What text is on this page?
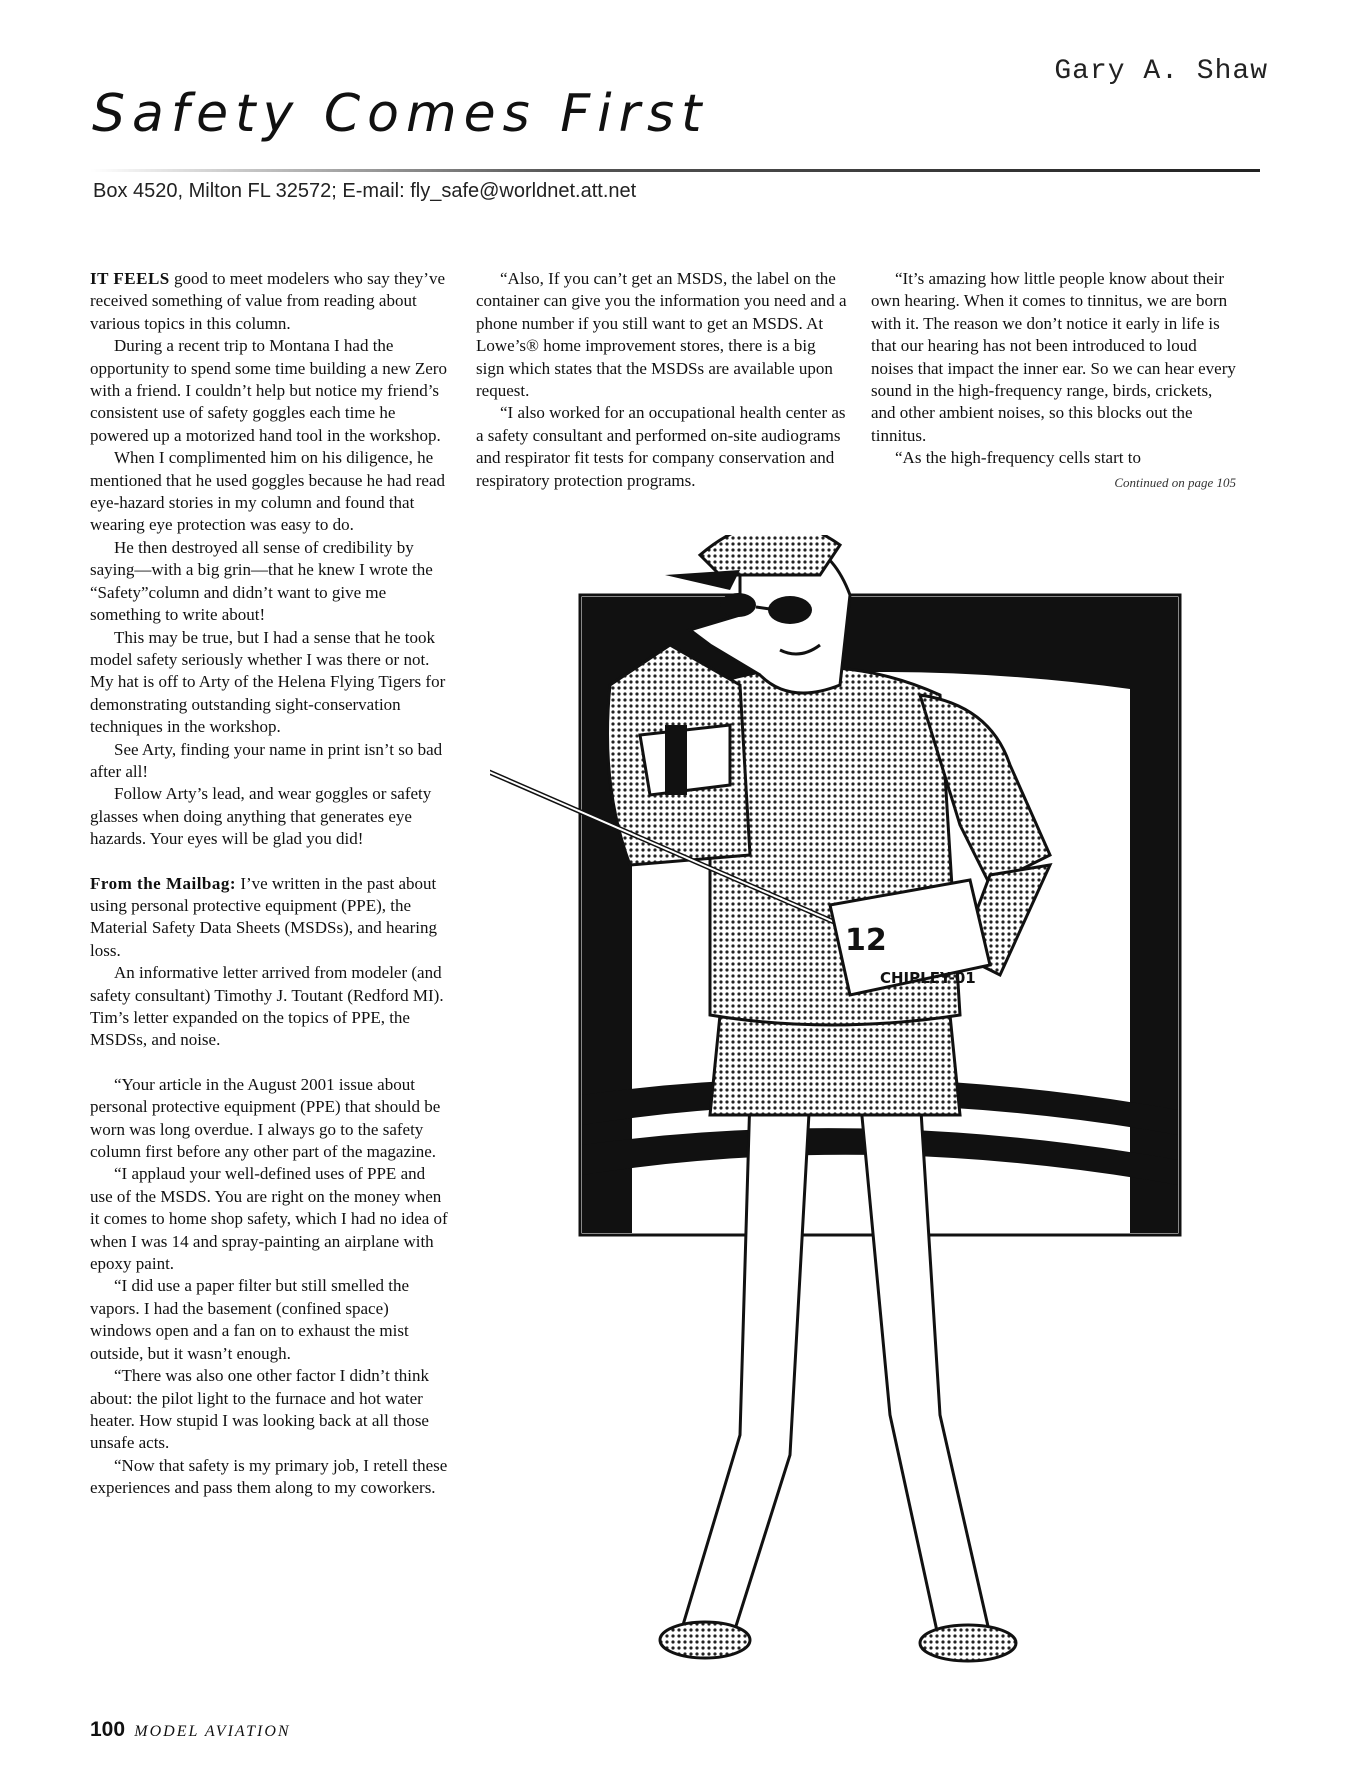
Gary A. Shaw
Safety Comes First
Box 4520, Milton FL 32572; E-mail: fly_safe@worldnet.att.net

IT FEELS good to meet modelers who say they’ve received something of value from reading about various topics in this column.

During a recent trip to Montana I had the opportunity to spend some time building a new Zero with a friend. I couldn’t help but notice my friend’s consistent use of safety goggles each time he powered up a motorized hand tool in the workshop.

When I complimented him on his diligence, he mentioned that he used goggles because he had read eye-hazard stories in my column and found that wearing eye protection was easy to do.

He then destroyed all sense of credibility by saying—with a big grin—that he knew I wrote the “Safety”column and didn’t want to give me something to write about!

This may be true, but I had a sense that he took model safety seriously whether I was there or not. My hat is off to Arty of the Helena Flying Tigers for demonstrating outstanding sight-conservation techniques in the workshop.

See Arty, finding your name in print isn’t so bad after all!

Follow Arty’s lead, and wear goggles or safety glasses when doing anything that generates eye hazards. Your eyes will be glad you did!

From the Mailbag: I’ve written in the past about using personal protective equipment (PPE), the Material Safety Data Sheets (MSDSs), and hearing loss.

An informative letter arrived from modeler (and safety consultant) Timothy J. Toutant (Redford MI). Tim’s letter expanded on the topics of PPE, the MSDSs, and noise.

“Your article in the August 2001 issue about personal protective equipment (PPE) that should be worn was long overdue. I always go to the safety column first before any other part of the magazine.

“I applaud your well-defined uses of PPE and use of the MSDS. You are right on the money when it comes to home shop safety, which I had no idea of when I was 14 and spray-painting an airplane with epoxy paint.

“I did use a paper filter but still smelled the vapors. I had the basement (confined space) windows open and a fan on to exhaust the mist outside, but it wasn’t enough.

“There was also one other factor I didn’t think about: the pilot light to the furnace and hot water heater. How stupid I was looking back at all those unsafe acts.

“Now that safety is my primary job, I retell these experiences and pass them along to my coworkers.

“Also, If you can’t get an MSDS, the label on the container can give you the information you need and a phone number if you still want to get an MSDS. At Lowe’s® home improvement stores, there is a big sign which states that the MSDSs are available upon request.

“I also worked for an occupational health center as a safety consultant and performed on-site audiograms and respirator fit tests for company conservation and respiratory protection programs.

“It’s amazing how little people know about their own hearing. When it comes to tinnitus, we are born with it. The reason we don’t notice it early in life is that our hearing has not been introduced to loud noises that impact the inner ear. So we can hear every sound in the high-frequency range, birds, crickets, and other ambient noises, so this blocks out the tinnitus.

“As the high-frequency cells start to

Continued on page 105
12
CHIPLEY-01
100 MODEL AVIATION
